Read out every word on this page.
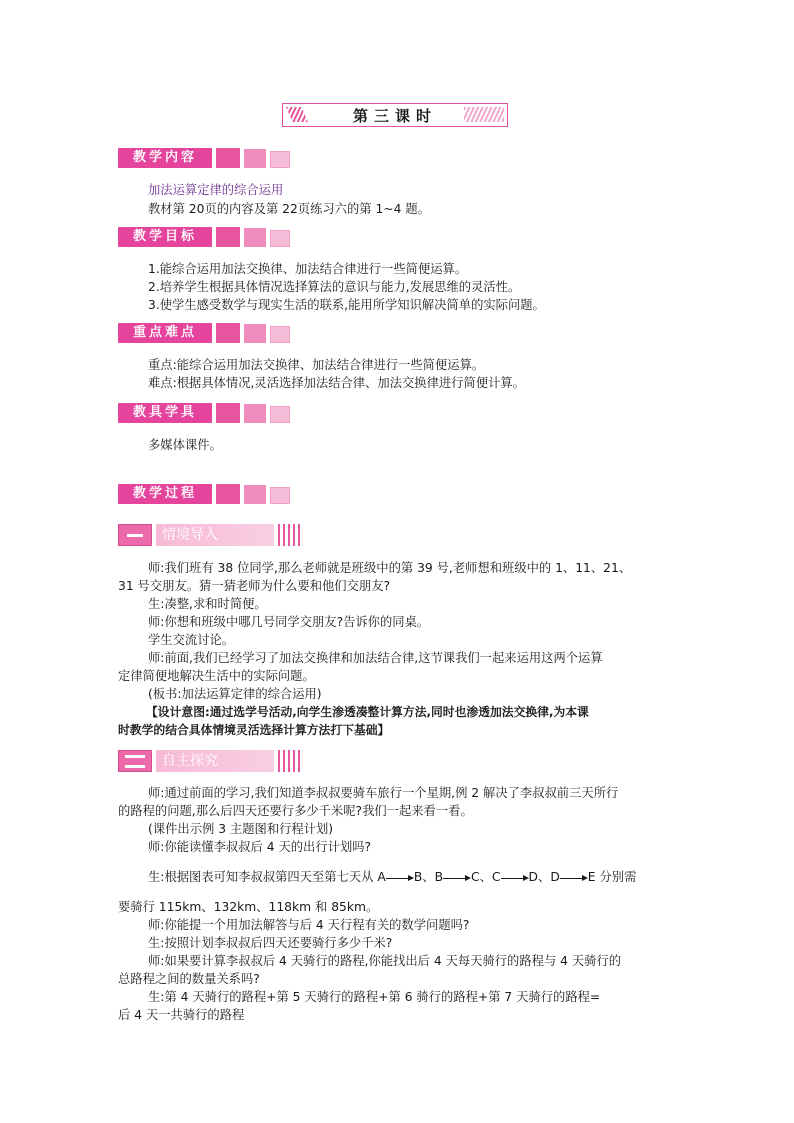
第三课时
教学内容
加法运算定律的综合运用
教材第 20页的内容及第 22页练习六的第 1~4 题。
教学目标
1.能综合运用加法交换律、加法结合律进行一些简便运算。
2.培养学生根据具体情况选择算法的意识与能力,发展思维的灵活性。
3.使学生感受数学与现实生活的联系,能用所学知识解决简单的实际问题。
重点难点
重点:能综合运用加法交换律、加法结合律进行一些简便运算。
难点:根据具体情况,灵活选择加法结合律、加法交换律进行简便计算。
教具学具
多媒体课件。
教学过程
情境导入
师:我们班有 38 位同学,那么老师就是班级中的第 39 号,老师想和班级中的 1、11、21、
31 号交朋友。猜一猜老师为什么要和他们交朋友?
生:凑整,求和时简便。
师:你想和班级中哪几号同学交朋友?告诉你的同桌。
学生交流讨论。
师:前面,我们已经学习了加法交换律和加法结合律,这节课我们一起来运用这两个运算
定律简便地解决生活中的实际问题。
(板书:加法运算定律的综合运用)
【设计意图:通过选学号活动,向学生渗透凑整计算方法,同时也渗透加法交换律,为本课
时教学的结合具体情境灵活选择计算方法打下基础】
自主探究
师:通过前面的学习,我们知道李叔叔要骑车旅行一个星期,例 2 解决了李叔叔前三天所行
的路程的问题,那么后四天还要行多少千米呢?我们一起来看一看。
(课件出示例 3 主题图和行程计划)
师:你能读懂李叔叔后 4 天的出行计划吗?
生:根据图表可知李叔叔第四天至第七天从 A B、B C、C D、D E 分别需
要骑行 115km、132km、118km 和 85km。
师:你能提一个用加法解答与后 4 天行程有关的数学问题吗?
生:按照计划李叔叔后四天还要骑行多少千米?
师:如果要计算李叔叔后 4 天骑行的路程,你能找出后 4 天每天骑行的路程与 4 天骑行的
总路程之间的数量关系吗?
生:第 4 天骑行的路程+第 5 天骑行的路程+第 6 骑行的路程+第 7 天骑行的路程=
后 4 天一共骑行的路程
